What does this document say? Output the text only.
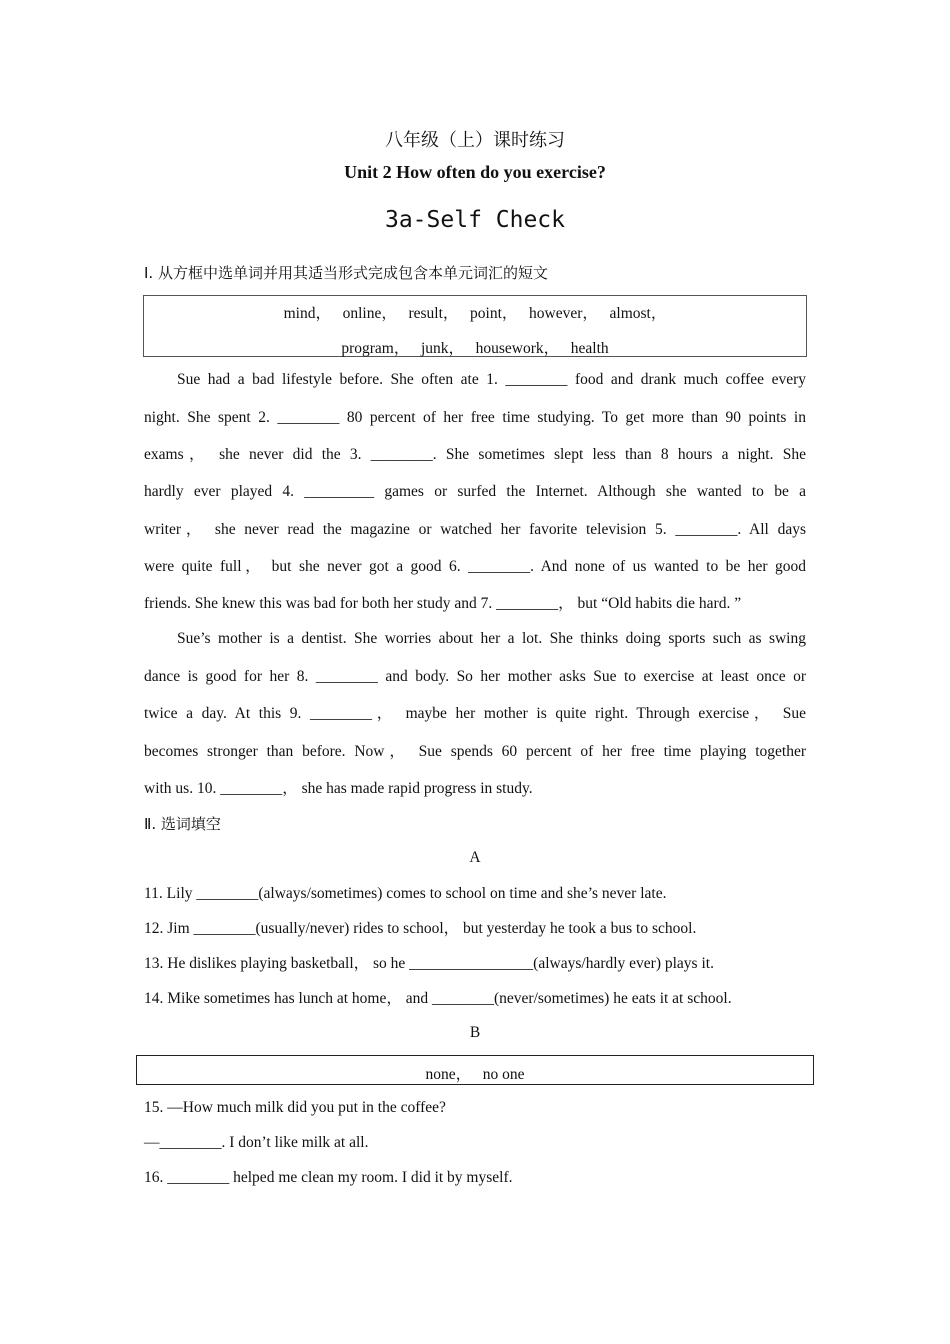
八年级（上）课时练习
Unit 2 How often do you exercise?
3a-Self Check
I. 从方框中选单词并用其适当形式完成包含本单元词汇的短文
mind，   online，   result，   point，   however，   almost，
program，   junk，   housework，   health
Sue had a bad lifestyle before. She often ate 1. ________ food and drank much coffee every
night. She spent 2. ________ 80 percent of her free time studying. To get more than 90 points in
exams， she never did the 3. ________. She sometimes slept less than 8 hours a night. She
hardly ever played 4. _________ games or surfed the Internet. Although she wanted to be a
writer， she never read the magazine or watched her favorite television 5. ________. All days
were quite full， but she never got a good 6. ________. And none of us wanted to be her good
friends. She knew this was bad for both her study and 7. ________， but “Old habits die hard. ”
Sue’s mother is a dentist. She worries about her a lot. She thinks doing sports such as swing
dance is good for her 8. ________ and body. So her mother asks Sue to exercise at least once or
twice a day. At this 9. ________， maybe her mother is quite right. Through exercise， Sue
becomes stronger than before. Now， Sue spends 60 percent of her free time playing together
with us. 10. ________， she has made rapid progress in study.
Ⅱ. 选词填空
A
11. Lily ________(always/sometimes) comes to school on time and she’s never late.
12. Jim ________(usually/never) rides to school， but yesterday he took a bus to school.
13. He dislikes playing basketball， so he ________________(always/hardly ever) plays it.
14. Mike sometimes has lunch at home， and ________(never/sometimes) he eats it at school.
B
none，   no one
15. —How much milk did you put in the coffee?
—________. I don’t like milk at all.
16. ________ helped me clean my room. I did it by myself.
